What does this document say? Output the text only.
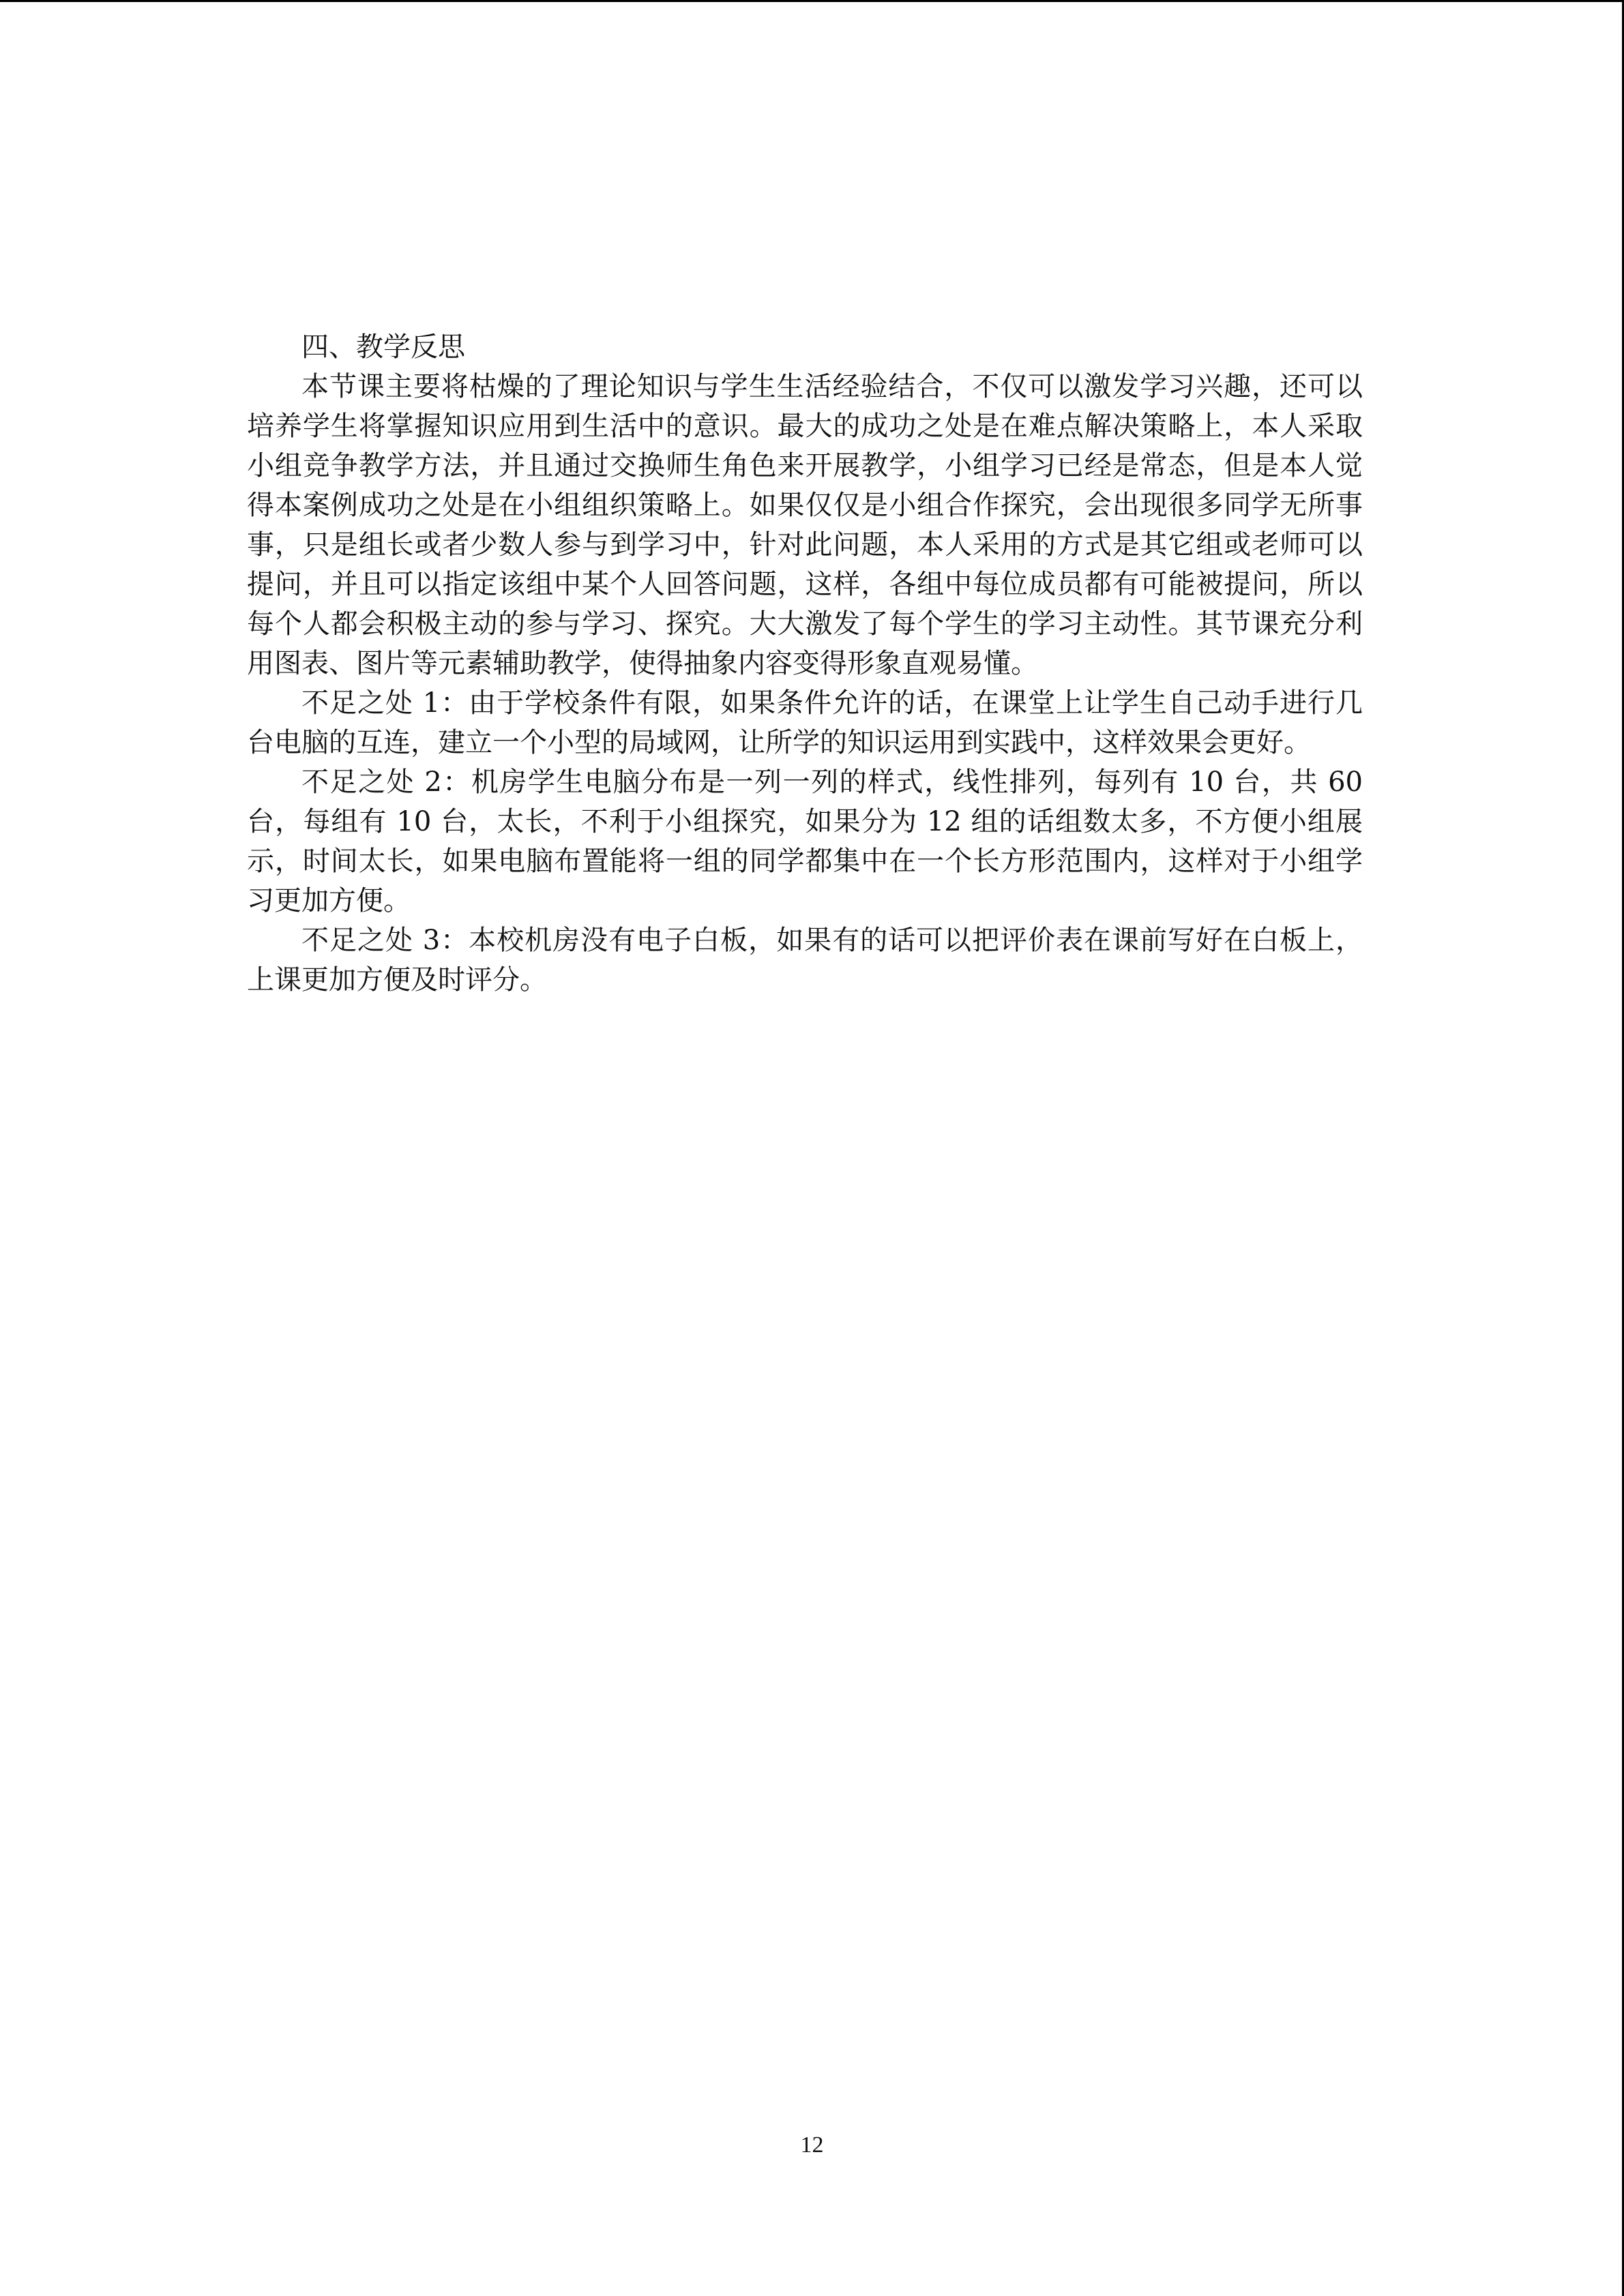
四、教学反思

本节课主要将枯燥的了理论知识与学生生活经验结合，不仅可以激发学习兴趣，还可以培养学生将掌握知识应用到生活中的意识。最大的成功之处是在难点解决策略上，本人采取小组竞争教学方法，并且通过交换师生角色来开展教学，小组学习已经是常态，但是本人觉得本案例成功之处是在小组组织策略上。如果仅仅是小组合作探究，会出现很多同学无所事事，只是组长或者少数人参与到学习中，针对此问题，本人采用的方式是其它组或老师可以提问，并且可以指定该组中某个人回答问题，这样，各组中每位成员都有可能被提问，所以每个人都会积极主动的参与学习、探究。大大激发了每个学生的学习主动性。其节课充分利用图表、图片等元素辅助教学，使得抽象内容变得形象直观易懂。

不足之处 1：由于学校条件有限，如果条件允许的话，在课堂上让学生自己动手进行几台电脑的互连，建立一个小型的局域网，让所学的知识运用到实践中，这样效果会更好。

不足之处 2：机房学生电脑分布是一列一列的样式，线性排列，每列有 10 台，共 60 台，每组有 10 台，太长，不利于小组探究，如果分为 12 组的话组数太多，不方便小组展示，时间太长，如果电脑布置能将一组的同学都集中在一个长方形范围内，这样对于小组学习更加方便。

不足之处 3：本校机房没有电子白板，如果有的话可以把评价表在课前写好在白板上，上课更加方便及时评分。

12
